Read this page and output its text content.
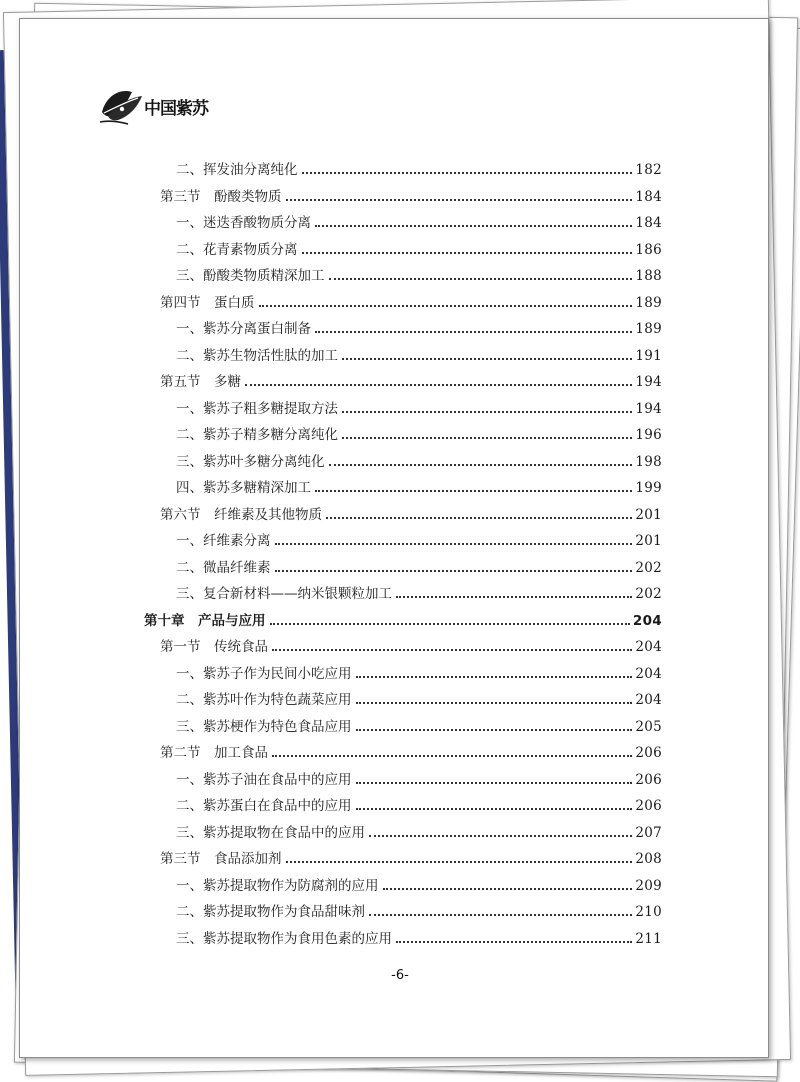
中国紫苏
二、挥发油分离纯化	182
第三节　酚酸类物质	184
一、迷迭香酸物质分离	184
二、花青素物质分离	186
三、酚酸类物质精深加工	188
第四节　蛋白质	189
一、紫苏分离蛋白制备	189
二、紫苏生物活性肽的加工	191
第五节　多糖	194
一、紫苏子粗多糖提取方法	194
二、紫苏子精多糖分离纯化	196
三、紫苏叶多糖分离纯化	198
四、紫苏多糖精深加工	199
第六节　纤维素及其他物质	201
一、纤维素分离	201
二、微晶纤维素	202
三、复合新材料——纳米银颗粒加工	202
第十章　产品与应用	204
第一节　传统食品	204
一、紫苏子作为民间小吃应用	204
二、紫苏叶作为特色蔬菜应用	204
三、紫苏梗作为特色食品应用	205
第二节　加工食品	206
一、紫苏子油在食品中的应用	206
二、紫苏蛋白在食品中的应用	206
三、紫苏提取物在食品中的应用	207
第三节　食品添加剂	208
一、紫苏提取物作为防腐剂的应用	209
二、紫苏提取物作为食品甜味剂	210
三、紫苏提取物作为食用色素的应用	211
-6-
